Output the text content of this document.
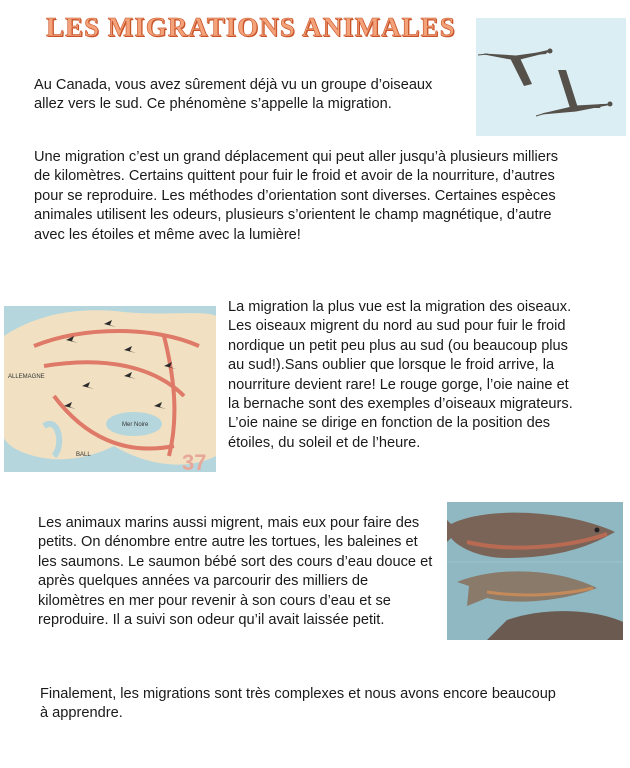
LES MIGRATIONS ANIMALES

Au Canada, vous avez sûrement déjà vu un groupe d’oiseaux allez vers le sud. Ce phénomène s’appelle la migration.

Une migration c’est un grand déplacement qui peut aller jusqu’à plusieurs milliers de kilomètres. Certains quittent pour fuir le froid et avoir de la nourriture, d’autres pour se reproduire. Les méthodes d’orientation sont diverses. Certaines espèces animales utilisent les odeurs, plusieurs s’orientent le champ magnétique, d’autre avec les étoiles et même avec la lumière!

ALLEMAGNE
Mer Noire
BALL	37

La migration la plus vue est la migration des oiseaux. Les oiseaux migrent du nord au sud pour fuir le froid nordique un petit peu plus au sud (ou beaucoup plus au sud!).Sans oublier que lorsque le froid arrive, la nourriture devient rare! Le rouge gorge, l’oie naine et la bernache sont des exemples d’oiseaux migrateurs. L’oie naine se dirige en fonction de la position des étoiles, du soleil et de l’heure.

Les animaux marins aussi migrent, mais eux pour faire des petits. On dénombre entre autre les tortues, les baleines et les saumons. Le saumon bébé sort des cours d’eau douce et après quelques années va parcourir des milliers de kilomètres en mer pour revenir à son cours d’eau et se reproduire. Il a suivi son odeur qu’il avait laissée petit.

Finalement, les migrations sont très complexes et nous avons encore beaucoup à apprendre.
